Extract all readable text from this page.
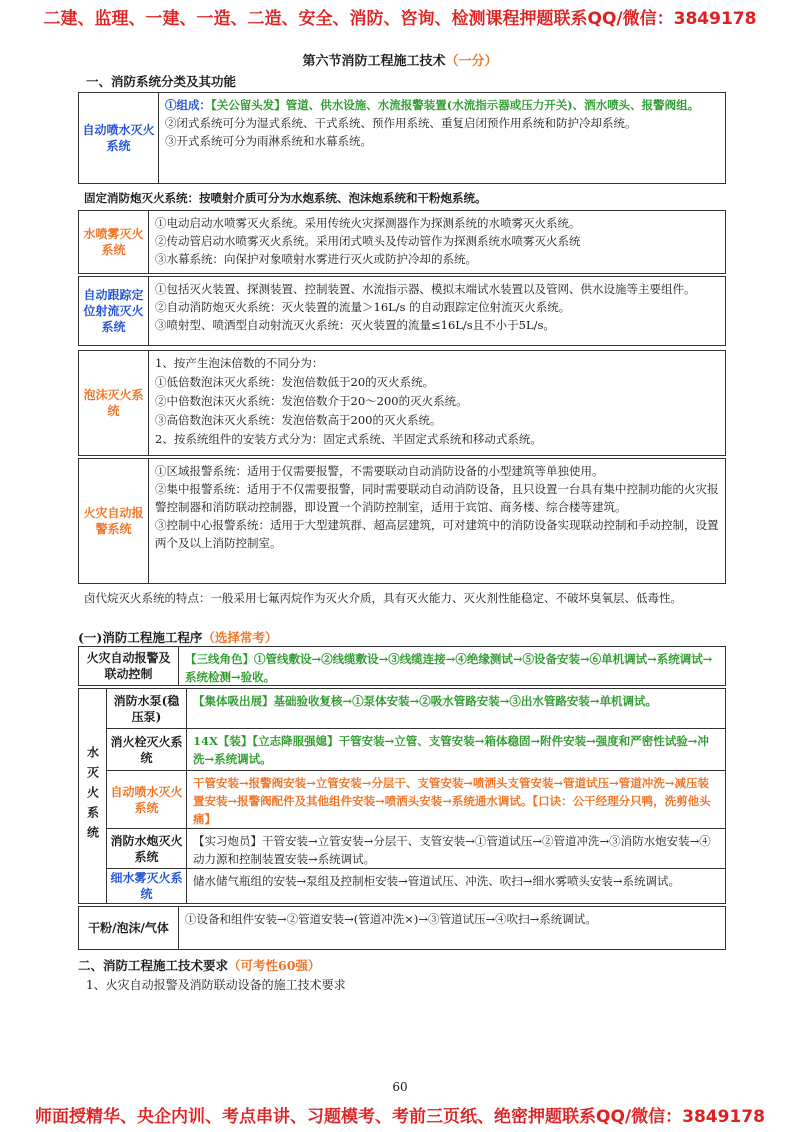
二建、监理、一建、一造、二造、安全、消防、咨询、检测课程押题联系QQ/微信：3849178
第六节消防工程施工技术（一分）
一、消防系统分类及其功能
自动喷水灭火系统
①组成：【关公留头发】管道、供水设施、水流报警装置(水流指示器或压力开关)、洒水喷头、报警阀组。
②闭式系统可分为湿式系统、干式系统、预作用系统、重复启闭预作用系统和防护冷却系统。
③开式系统可分为雨淋系统和水幕系统。
固定消防炮灭火系统：按喷射介质可分为水炮系统、泡沫炮系统和干粉炮系统。
水喷雾灭火系统
①电动启动水喷雾灭火系统。采用传统火灾探测器作为探测系统的水喷雾灭火系统。
②传动管启动水喷雾灭火系统。采用闭式喷头及传动管作为探测系统水喷雾灭火系统
③水幕系统：向保护对象喷射水雾进行灭火或防护冷却的系统。
自动跟踪定位射流灭火系统
①包括灭火装置、探测装置、控制装置、水流指示器、模拟末端试水装置以及管网、供水设施等主要组件。
②自动消防炮灭火系统：灭火装置的流量＞16L/s 的自动跟踪定位射流灭火系统。
③喷射型、喷洒型自动射流灭火系统：灭火装置的流量≤16L/s且不小于5L/s。
泡沫灭火系统
1、按产生泡沫倍数的不同分为：
①低倍数泡沫灭火系统：发泡倍数低于20的灭火系统。
②中倍数泡沫灭火系统：发泡倍数介于20～200的灭火系统。
③高倍数泡沫灭火系统：发泡倍数高于200的灭火系统。
2、按系统组件的安装方式分为：固定式系统、半固定式系统和移动式系统。
火灾自动报警系统
①区域报警系统：适用于仅需要报警，不需要联动自动消防设备的小型建筑等单独使用。
②集中报警系统：适用于不仅需要报警，同时需要联动自动消防设备，且只设置一台具有集中控制功能的火灾报警控制器和消防联动控制器，即设置一个消防控制室，适用于宾馆、商务楼、综合楼等建筑。
③控制中心报警系统：适用于大型建筑群、超高层建筑，可对建筑中的消防设备实现联动控制和手动控制，设置两个及以上消防控制室。
卤代烷灭火系统的特点：一般采用七氟丙烷作为灭火介质，具有灭火能力、灭火剂性能稳定、不破坏臭氧层、低毒性。
(一)消防工程施工程序（选择常考）
火灾自动报警及联动控制
【三线角色】①管线敷设→②线缆敷设→③线缆连接→④绝缘测试→⑤设备安装→⑥单机调试→系统调试→系统检测→验收。
水灭火系统
消防水泵(稳压泵)
【集体吸出展】基础验收复核→①泵体安装→②吸水管路安装→③出水管路安装→单机调试。
消火栓灭火系统
14X【装】【立志降服强媳】干管安装→立管、支管安装→箱体稳固→附件安装→强度和严密性试验→冲洗→系统调试。
自动喷水灭火系统
干管安装→报警阀安装→立管安装→分层干、支管安装→喷洒头支管安装→管道试压→管道冲洗→减压装置安装→报警阀配件及其他组件安装→喷洒头安装→系统通水调试。【口诀：公干经理分只鸭，洗剪他头痛】
消防水炮灭火系统
【实习炮员】干管安装→立管安装→分层干、支管安装→①管道试压→②管道冲洗→③消防水炮安装→④动力源和控制装置安装→系统调试。
细水雾灭火系统
储水储气瓶组的安装→泵组及控制柜安装→管道试压、冲洗、吹扫→细水雾喷头安装→系统调试。
干粉/泡沫/气体
①设备和组件安装→②管道安装→(管道冲洗×)→③管道试压→④吹扫→系统调试。
二、消防工程施工技术要求（可考性60强）
1、火灾自动报警及消防联动设备的施工技术要求
60
师面授精华、央企内训、考点串讲、习题模考、考前三页纸、绝密押题联系QQ/微信：3849178
